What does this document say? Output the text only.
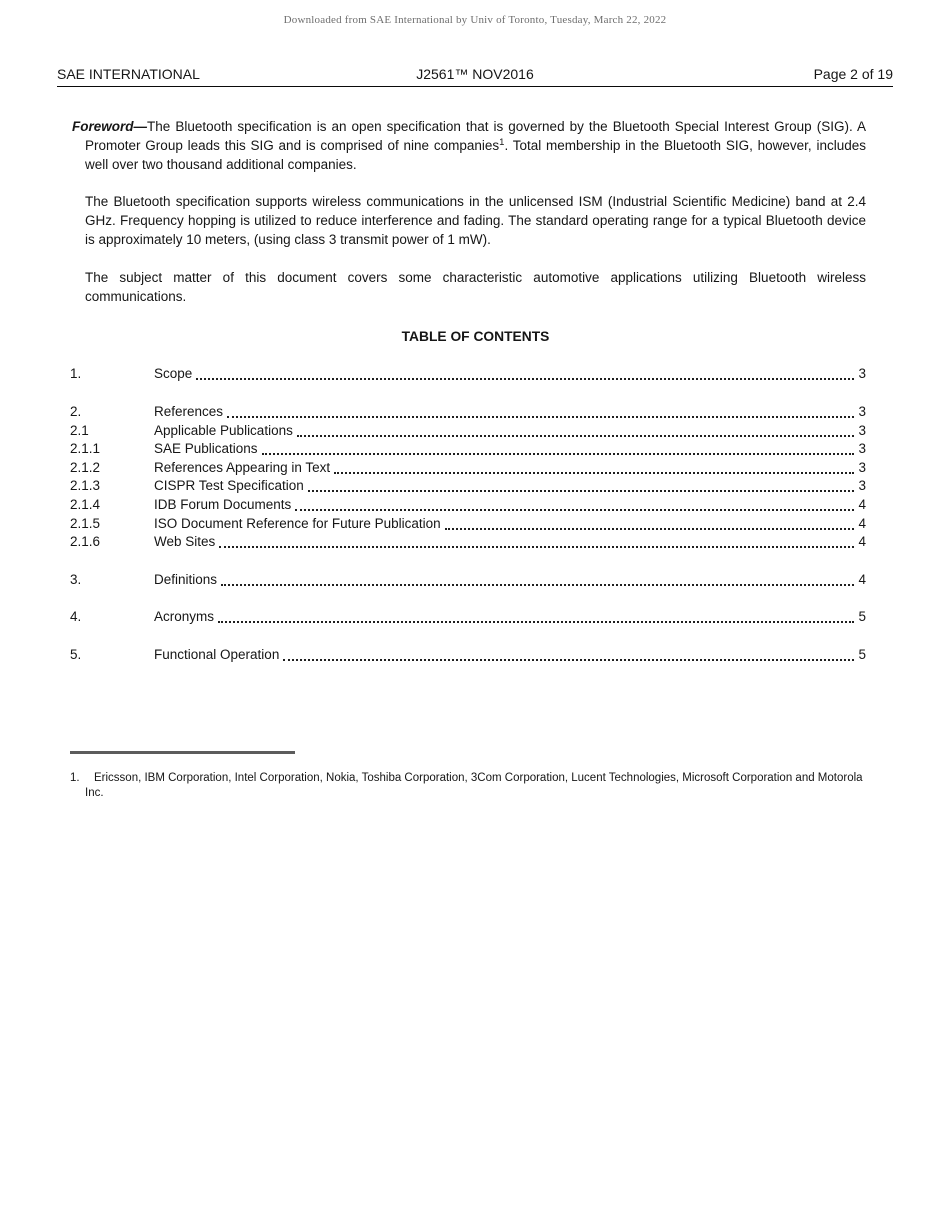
Downloaded from SAE International by Univ of Toronto, Tuesday, March 22, 2022
SAE INTERNATIONAL	J2561™ NOV2016	Page 2 of 19

Foreword—The Bluetooth specification is an open specification that is governed by the Bluetooth Special Interest Group (SIG). A Promoter Group leads this SIG and is comprised of nine companies$^1$. Total membership in the Bluetooth SIG, however, includes well over two thousand additional companies.

The Bluetooth specification supports wireless communications in the unlicensed ISM (Industrial Scientific Medicine) band at 2.4 GHz. Frequency hopping is utilized to reduce interference and fading. The standard operating range for a typical Bluetooth device is approximately 10 meters, (using class 3 transmit power of 1 mW).

The subject matter of this document covers some characteristic automotive applications utilizing Bluetooth wireless communications.

TABLE OF CONTENTS
1.	Scope	3
2.	References	3
2.1	Applicable Publications	3
2.1.1	SAE Publications	3
2.1.2	References Appearing in Text	3
2.1.3	CISPR Test Specification	3
2.1.4	IDB Forum Documents	4
2.1.5	ISO Document Reference for Future Publication	4
2.1.6	Web Sites	4
3.	Definitions	4
4.	Acronyms	5
5.	Functional Operation	5

1. Ericsson, IBM Corporation, Intel Corporation, Nokia, Toshiba Corporation, 3Com Corporation, Lucent Technologies, Microsoft Corporation and Motorola Inc.
